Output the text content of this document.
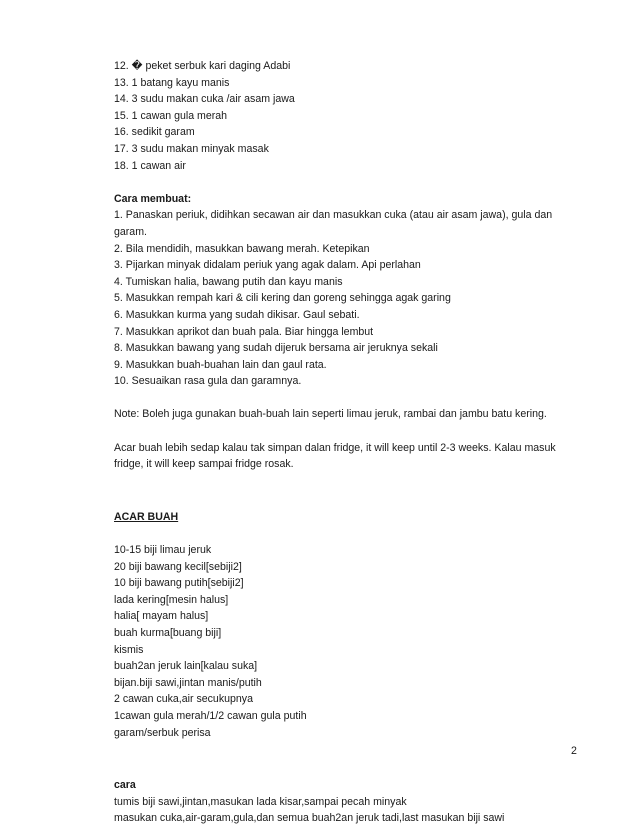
12. � peket serbuk kari daging Adabi
13. 1 batang kayu manis
14. 3 sudu makan cuka /air asam jawa
15. 1 cawan gula merah
16. sedikit garam
17. 3 sudu makan minyak masak
18. 1 cawan air
Cara membuat:
1. Panaskan periuk, didihkan secawan air dan masukkan cuka (atau air asam jawa), gula dan garam.
2. Bila mendidih, masukkan bawang merah. Ketepikan
3. Pijarkan minyak didalam periuk yang agak dalam. Api perlahan
4. Tumiskan halia, bawang putih dan kayu manis
5. Masukkan rempah kari & cili kering dan goreng sehingga agak garing
6. Masukkan kurma yang sudah dikisar. Gaul sebati.
7. Masukkan aprikot dan buah pala. Biar hingga lembut
8. Masukkan bawang yang sudah dijeruk bersama air jeruknya sekali
9. Masukkan buah-buahan lain dan gaul rata.
10. Sesuaikan rasa gula dan garamnya.
Note: Boleh juga gunakan buah-buah lain seperti limau jeruk, rambai dan jambu batu kering.
Acar buah lebih sedap kalau tak simpan dalan fridge, it will keep until 2-3 weeks. Kalau masuk fridge, it will keep sampai fridge rosak.
ACAR BUAH
10-15 biji limau jeruk
20 biji bawang kecil[sebiji2]
10 biji bawang putih[sebiji2]
lada kering[mesin halus]
halia[ mayam halus]
buah kurma[buang biji]
kismis
buah2an jeruk lain[kalau suka]
bijan.biji sawi,jintan manis/putih
2 cawan cuka,air secukupnya
1cawan gula merah/1/2 cawan gula putih
garam/serbuk perisa
cara
tumis biji sawi,jintan,masukan lada kisar,sampai pecah minyak
masukan cuka,air-garam,gula,dan semua buah2an jeruk tadi,last masukan biji sawi
2
